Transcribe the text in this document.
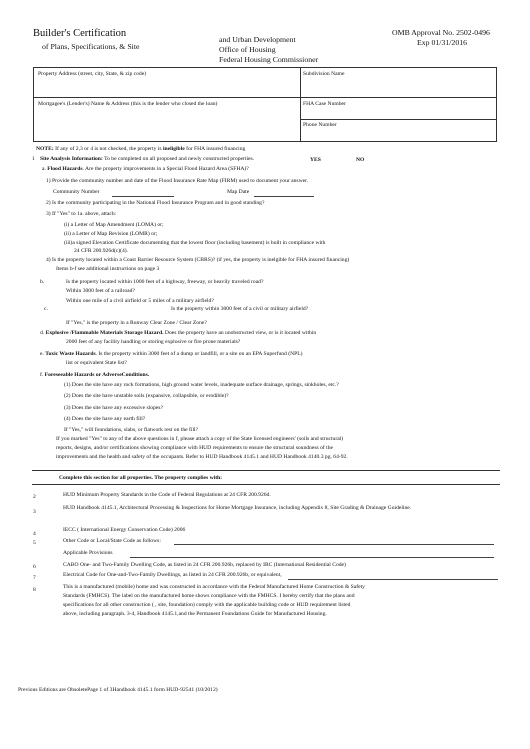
Builder's Certification
of Plans, Specifications, & Site
and Urban Development
Office of Housing
Federal Housing Commissioner
OMB Approval No. 2502-0496
Exp 01/31/2016
Property Address (street, city, State, & zip code)	Subdivision Name
Mortgagee's (Lender's) Name & Address (this is the lender who closed the loan)	FHA Case Number
Phone Number
NOTE: If any of 2,3 or 4 is not checked, the property is ineligible for FHA insured financing
1 Site Analysis Information: To be completed on all proposed and newly constructed properties.	YES	NO
a. Flood Hazards. Are the property improvements in a Special Flood Hazard Area (SFHA)?
1) Provide the community number and date of the Flood Insurance Rate Map (FIRM) used to document your answer.
Community Number	Map Date
2) Is the community participating in the National Flood Insurance Program and in good standing?
3) If "Yes" to 1a. above, attach:
(i) a Letter of Map Amendment (LOMA) or;
(ii) a Letter of Map Revision (LOMR) or;
(iii)a signed Elevation Certificate documenting that the lowest floor (including basement) is built in compliance with
24 CFR 200.926d(c)(4).
4) Is the property located within a Coast Barrier Resource System (CBRS)? (if yes, the property is inelgible for FHA insured financing)
Items b-f see additional instructions on page 3
b.	Is the property located within 1000 feet of a highway, freeway, or heavily traveled road?
Within 3000 feet of a railroad?
Within one mile of a civil airfield or 5 miles of a military airfield?
c.	Is the property within 3000 feet of a civil or military airfield?
If "Yes," is the property in a Runway Clear Zone / Clear Zone?
d. Explosive /Flammable Materials Storage Hazard. Does the property have an unobstructed view, or is it located within
2000 feet of any facility handling or storing explosive or fire prone materials?
e. Toxic Waste Hazards. Is the property within 3000 feet of a dump or landfill, or a site on an EPA Superfund (NPL)
list or equivalent State list?
f. Foreseeable Hazards or AdverseConditions.
(1) Does the site have any rock formations, high ground water levels, inadequate surface drainage, springs, sinkholes, etc.?
(2) Does the site have unstable soils (expansive, collapsible, or erodible)?
(3) Does the site have any excessive slopes?
(4) Does the site have any earth fill?
If "Yes," will foundations, slabs, or flatwork rest on the fill?
If you marked "Yes" to any of the above questions in f, please attach a copy of the State licensed engineers' (soils and structural)
reports, designs, and/or certifications showing compliance with HUD requirements to ensure the structural soundness of the
improvements and the health and safety of the occupants. Refer to HUD Handbook 4145.1 and HUD Handbook 4140.3 pg. 64-92.
Complete this section for all properties. The property complies with:
2	HUD Minimum Property Standards in the Code of Federal Regulations at 24 CFR 200.926d.
3
HUD Handbook 4145.1, Architectural Processing & Inspections for Home Mortgage Insurance, including Appendix 8, Site Grading & Drainage Guideline.
4
IECC ( International Energy Conservation Code) 2006
5	Other Code or Local/State Code as follows:
Applicable Provisions
6	CABO One- and Two-Family Dwelling Code, as listed in 24 CFR 200.926b, replaced by IRC (International Residential Code)
7	Electrical Code for One-and-Two-Family Dwellings, as listed in 24 CFR 200.926b, or equivalent,
8	This is a manufactured (mobile) home and was constructed in accordance with the Federal Manufactured Home Construction & Safety
Standards (FMHCS). The label on the manufactured home shows compliance with the FMHCS. I hereby certify that the plans and
specifications for all other construction ( , site, foundation) comply with the applicable building code or HUD requirement listed
above, including paragraph. 3-4, Handbook 4145.1,and the Permanent Foundations Guide for Manufactured Housing.
Previous Editions are ObsoletePage 1 of 3Handbook 4145.1 form HUD-92541 (10/2012)
